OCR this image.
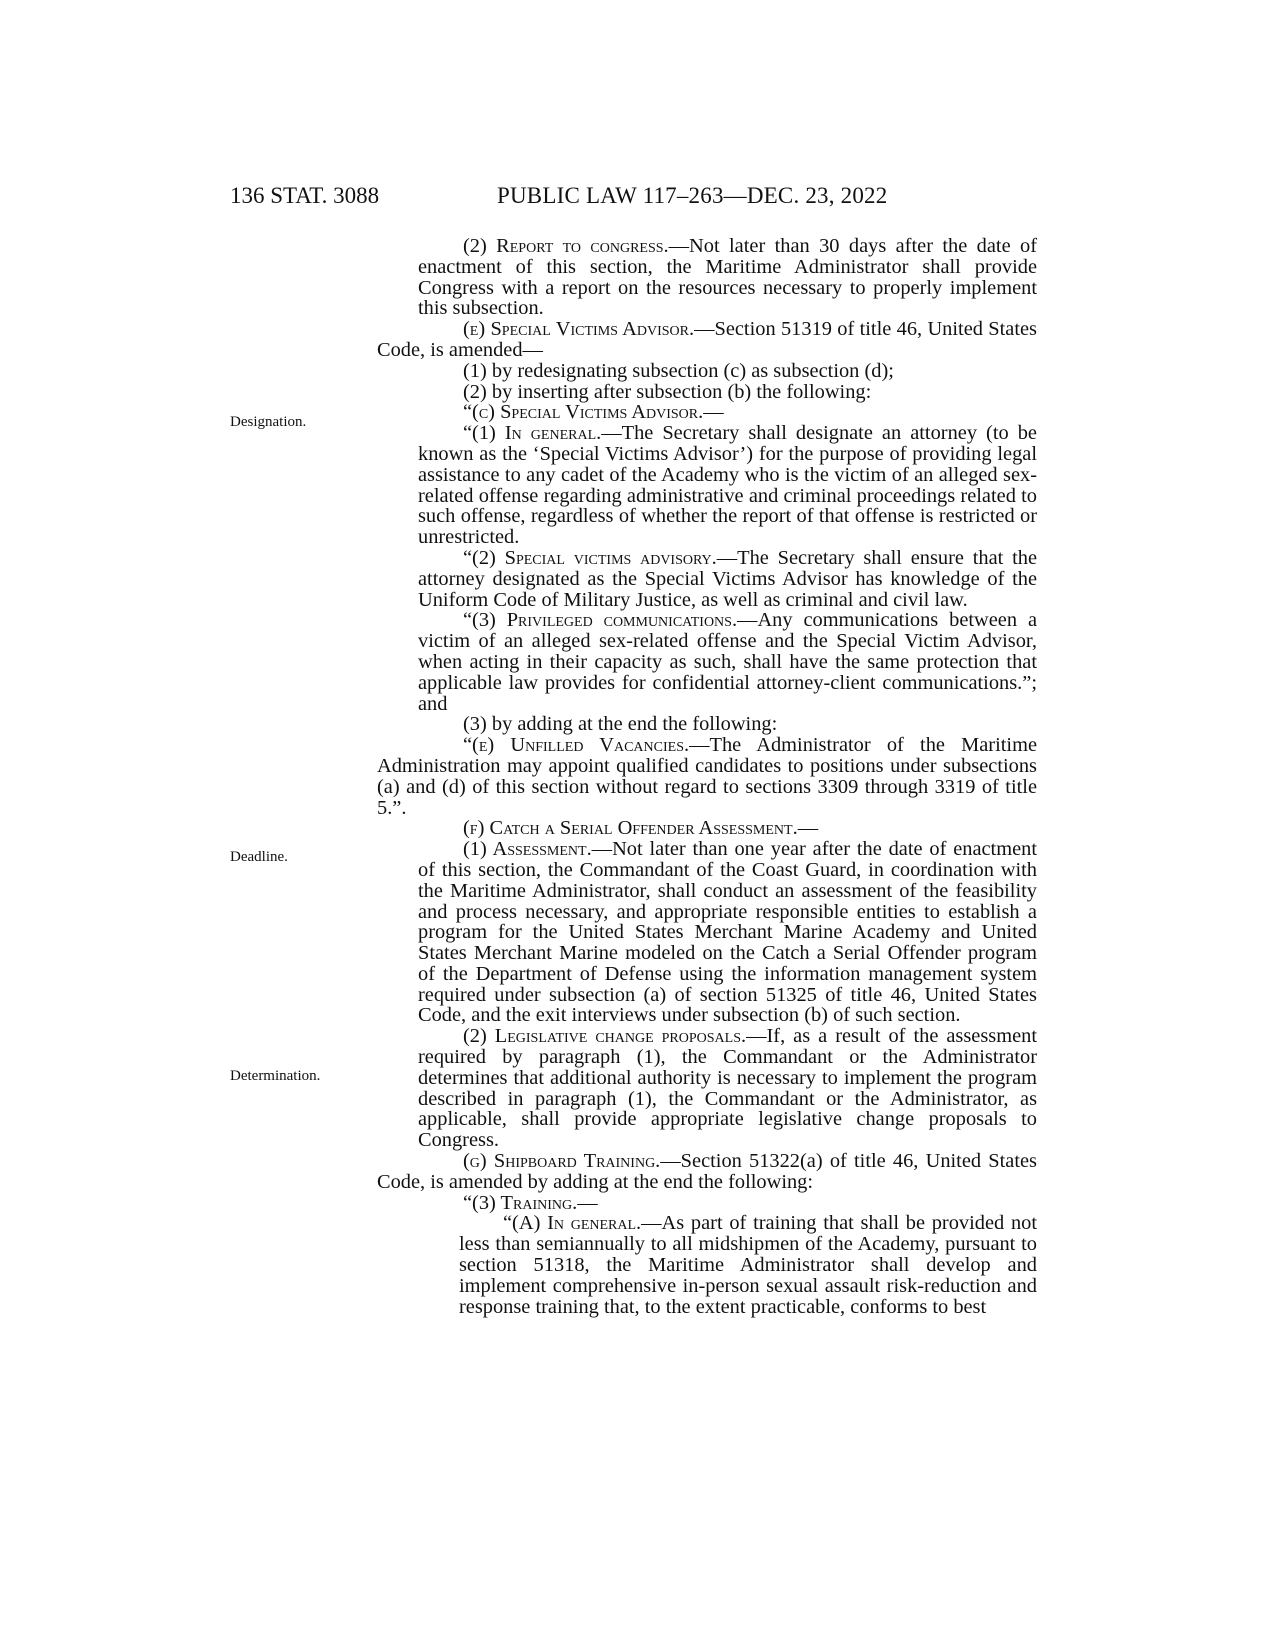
136 STAT. 3088	PUBLIC LAW 117–263—DEC. 23, 2022
Designation.
Deadline.
Determination.

(2) Report to congress.—Not later than 30 days after the date of enactment of this section, the Maritime Administrator shall provide Congress with a report on the resources necessary to properly implement this subsection.

(e) Special Victims Advisor.—Section 51319 of title 46, United States Code, is amended—

(1) by redesignating subsection (c) as subsection (d);

(2) by inserting after subsection (b) the following:

“(c) Special Victims Advisor.—

“(1) In general.—The Secretary shall designate an attorney (to be known as the ‘Special Victims Advisor’) for the purpose of providing legal assistance to any cadet of the Academy who is the victim of an alleged sex-related offense regarding administrative and criminal proceedings related to such offense, regardless of whether the report of that offense is restricted or unrestricted.

“(2) Special victims advisory.—The Secretary shall ensure that the attorney designated as the Special Victims Advisor has knowledge of the Uniform Code of Military Justice, as well as criminal and civil law.

“(3) Privileged communications.—Any communications between a victim of an alleged sex-related offense and the Special Victim Advisor, when acting in their capacity as such, shall have the same protection that applicable law provides for confidential attorney-client communications.”; and

(3) by adding at the end the following:

“(e) Unfilled Vacancies.—The Administrator of the Maritime Administration may appoint qualified candidates to positions under subsections (a) and (d) of this section without regard to sections 3309 through 3319 of title 5.”.

(f) Catch a Serial Offender Assessment.—

(1) Assessment.—Not later than one year after the date of enactment of this section, the Commandant of the Coast Guard, in coordination with the Maritime Administrator, shall conduct an assessment of the feasibility and process necessary, and appropriate responsible entities to establish a program for the United States Merchant Marine Academy and United States Merchant Marine modeled on the Catch a Serial Offender program of the Department of Defense using the information management system required under subsection (a) of section 51325 of title 46, United States Code, and the exit interviews under subsection (b) of such section.

(2) Legislative change proposals.—If, as a result of the assessment required by paragraph (1), the Commandant or the Administrator determines that additional authority is necessary to implement the program described in paragraph (1), the Commandant or the Administrator, as applicable, shall provide appropriate legislative change proposals to Congress.

(g) Shipboard Training.—Section 51322(a) of title 46, United States Code, is amended by adding at the end the following:

“(3) Training.—

“(A) In general.—As part of training that shall be provided not less than semiannually to all midshipmen of the Academy, pursuant to section 51318, the Maritime Administrator shall develop and implement comprehensive in-person sexual assault risk-reduction and response training that, to the extent practicable, conforms to best
